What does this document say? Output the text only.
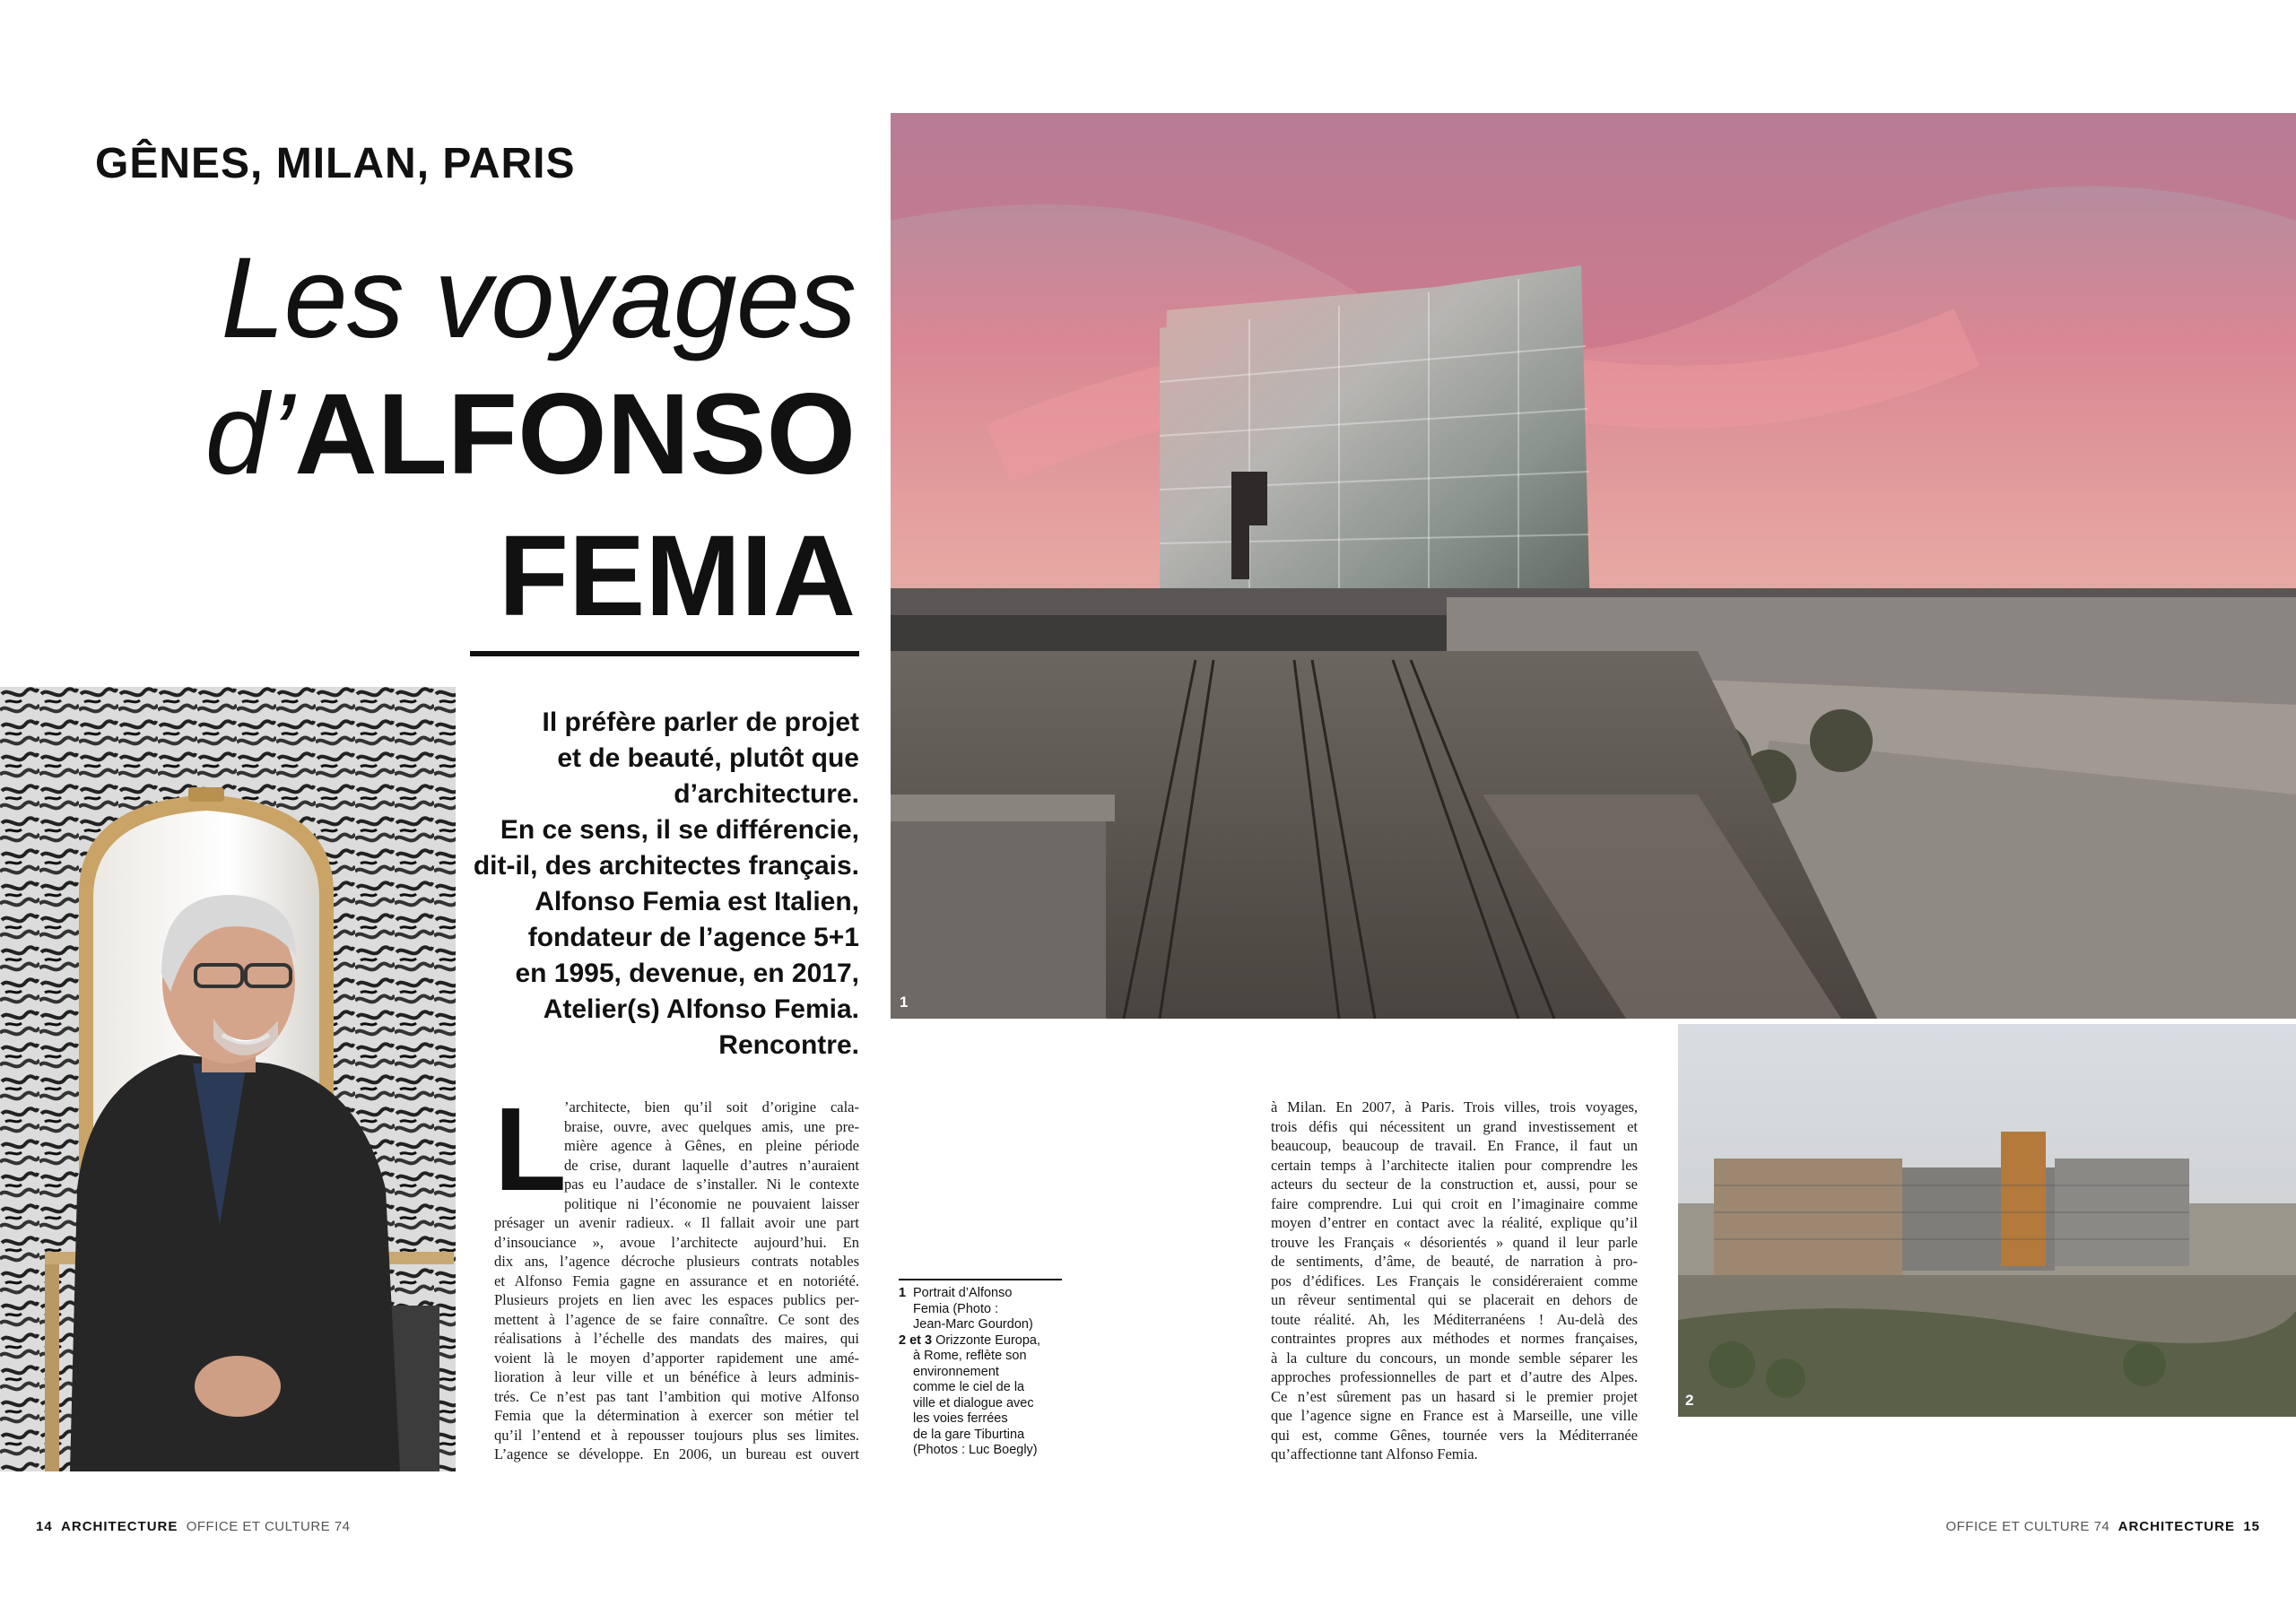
GÊNES, MILAN, PARIS
Les voyages
d’ALFONSO
FEMIA
Il préfère parler de projet
et de beauté, plutôt que
d’architecture.
En ce sens, il se différencie,
dit-il, des architectes français.
Alfonso Femia est Italien,
fondateur de l’agence 5+1
en 1995, devenue, en 2017,
Atelier(s) Alfonso Femia.
Rencontre.
1
2
L
’architecte, bien qu’il soit d’origine cala-
braise, ouvre, avec quelques amis, une pre-
mière agence à Gênes, en pleine période
de crise, durant laquelle d’autres n’auraient
pas eu l’audace de s’installer. Ni le contexte
politique ni l’économie ne pouvaient laisser
présager un avenir radieux. « Il fallait avoir une part
d’insouciance », avoue l’architecte aujourd’hui. En
dix ans, l’agence décroche plusieurs contrats notables
et Alfonso Femia gagne en assurance et en notoriété.
Plusieurs projets en lien avec les espaces publics per-
mettent à l’agence de se faire connaître. Ce sont des
réalisations à l’échelle des mandats des maires, qui
voient là le moyen d’apporter rapidement une amé-
lioration à leur ville et un bénéfice à leurs adminis-
trés. Ce n’est pas tant l’ambition qui motive Alfonso
Femia que la détermination à exercer son métier tel
qu’il l’entend et à repousser toujours plus ses limites.
L’agence se développe. En 2006, un bureau est ouvert
à Milan. En 2007, à Paris. Trois villes, trois voyages,
trois défis qui nécessitent un grand investissement et
beaucoup, beaucoup de travail. En France, il faut un
certain temps à l’architecte italien pour comprendre les
acteurs du secteur de la construction et, aussi, pour se
faire comprendre. Lui qui croit en l’imaginaire comme
moyen d’entrer en contact avec la réalité, explique qu’il
trouve les Français « désorientés » quand il leur parle
de sentiments, d’âme, de beauté, de narration à pro-
pos d’édifices. Les Français le considéreraient comme
un rêveur sentimental qui se placerait en dehors de
toute réalité. Ah, les Méditerranéens ! Au-delà des
contraintes propres aux méthodes et normes françaises,
à la culture du concours, un monde semble séparer les
approches professionnelles de part et d’autre des Alpes.
Ce n’est sûrement pas un hasard si le premier projet
que l’agence signe en France est à Marseille, une ville
qui est, comme Gênes, tournée vers la Méditerranée
qu’affectionne tant Alfonso Femia.
1 Portrait d’Alfonso
Femia (Photo :
Jean-Marc Gourdon)
2 et 3 Orizzonte Europa,
à Rome, reflète son
environnement
comme le ciel de la
ville et dialogue avec
les voies ferrées
de la gare Tiburtina
(Photos : Luc Boegly)
14 ARCHITECTURE OFFICE ET CULTURE 74	OFFICE ET CULTURE 74 ARCHITECTURE 15
